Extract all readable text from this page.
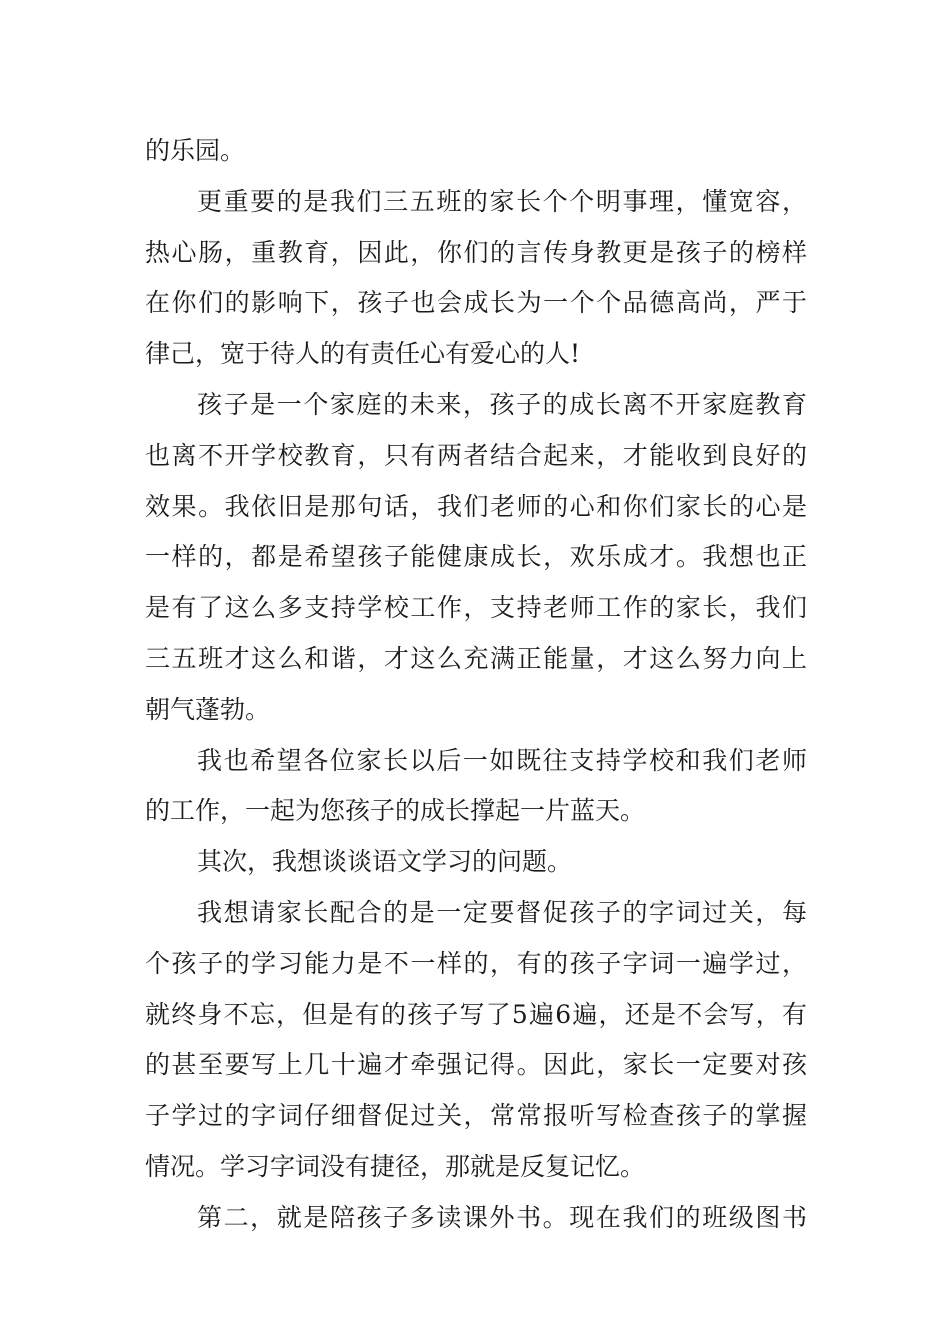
的乐园。
更重要的是我们三五班的家长个个明事理，懂宽容，
热心肠，重教育，因此，你们的言传身教更是孩子的榜样
在你们的影响下，孩子也会成长为一个个品德高尚，严于
律己，宽于待人的有责任心有爱心的人!
孩子是一个家庭的未来，孩子的成长离不开家庭教育
也离不开学校教育，只有两者结合起来，才能收到良好的
效果。我依旧是那句话，我们老师的心和你们家长的心是
一样的，都是希望孩子能健康成长，欢乐成才。我想也正
是有了这么多支持学校工作，支持老师工作的家长，我们
三五班才这么和谐，才这么充满正能量，才这么努力向上
朝气蓬勃。
我也希望各位家长以后一如既往支持学校和我们老师
的工作，一起为您孩子的成长撑起一片蓝天。
其次，我想谈谈语文学习的问题。
我想请家长配合的是一定要督促孩子的字词过关，每
个孩子的学习能力是不一样的，有的孩子字词一遍学过，
就终身不忘，但是有的孩子写了5遍6遍，还是不会写，有
的甚至要写上几十遍才牵强记得。因此，家长一定要对孩
子学过的字词仔细督促过关，常常报听写检查孩子的掌握
情况。学习字词没有捷径，那就是反复记忆。
第二，就是陪孩子多读课外书。现在我们的班级图书
